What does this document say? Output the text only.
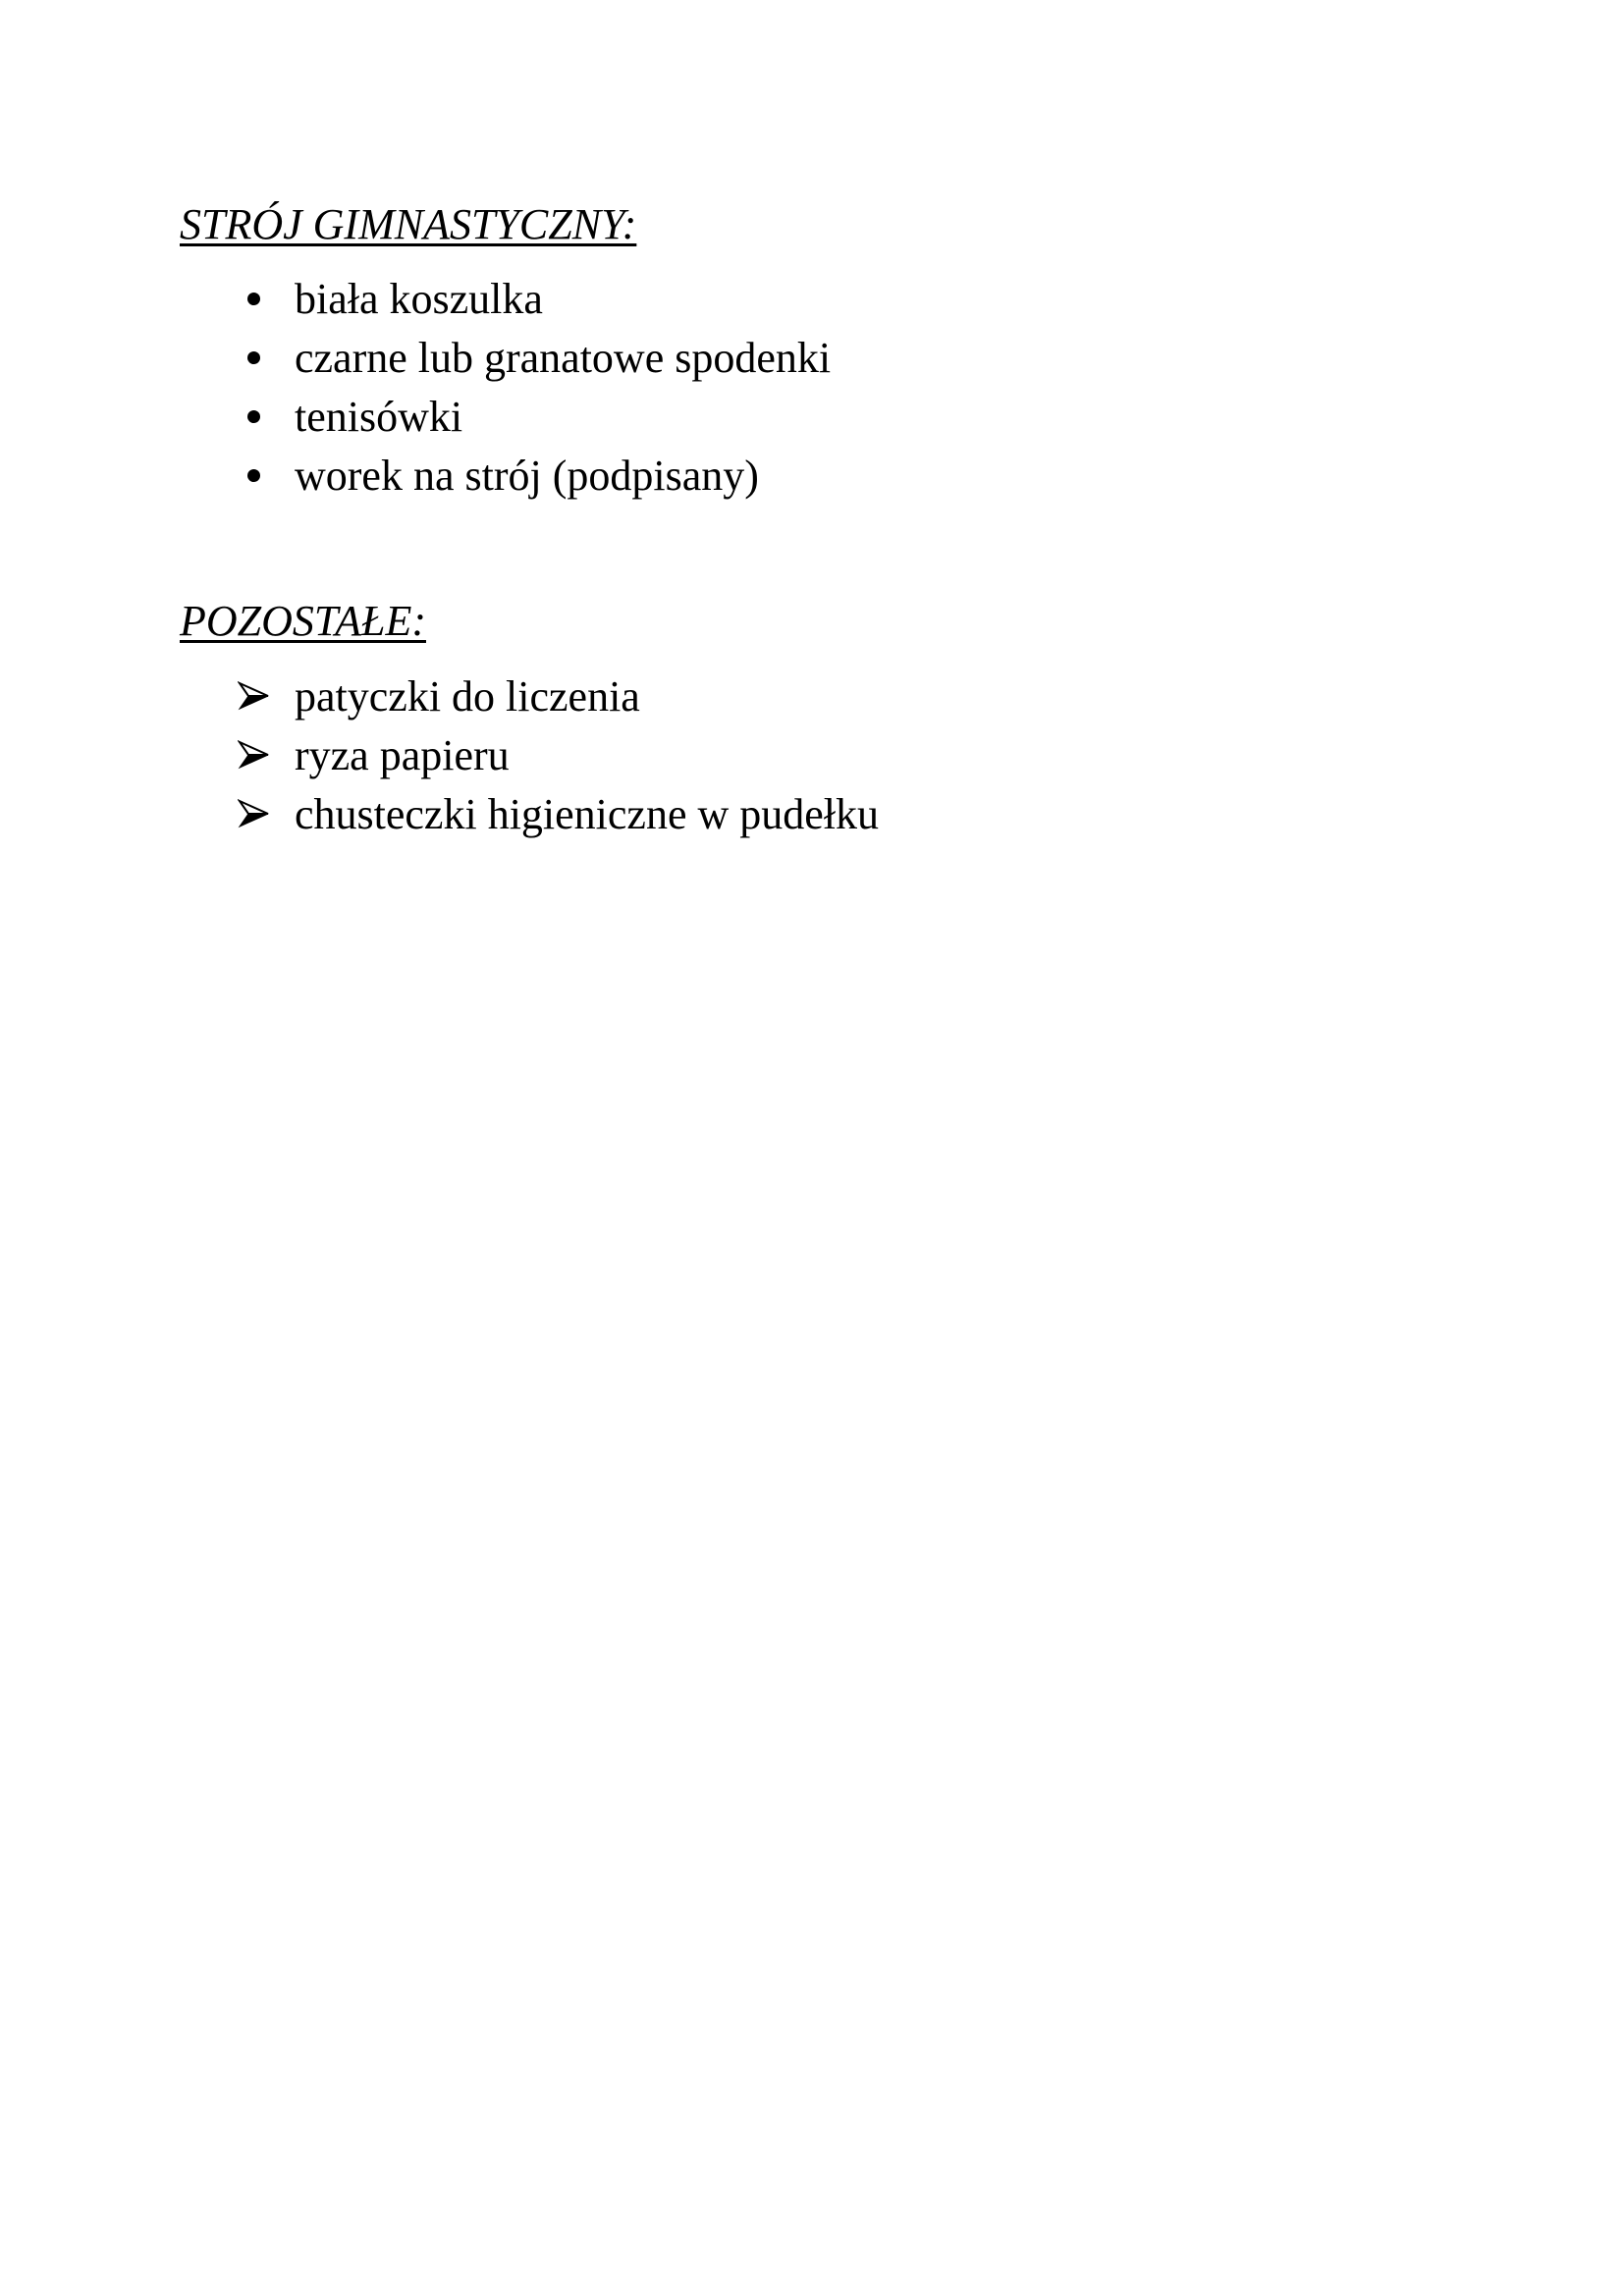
STRÓJ GIMNASTYCZNY:
biała koszulka
czarne lub granatowe spodenki
tenisówki
worek na strój (podpisany)
POZOSTAŁE:
patyczki do liczenia
ryza papieru
chusteczki higieniczne w pudełku
